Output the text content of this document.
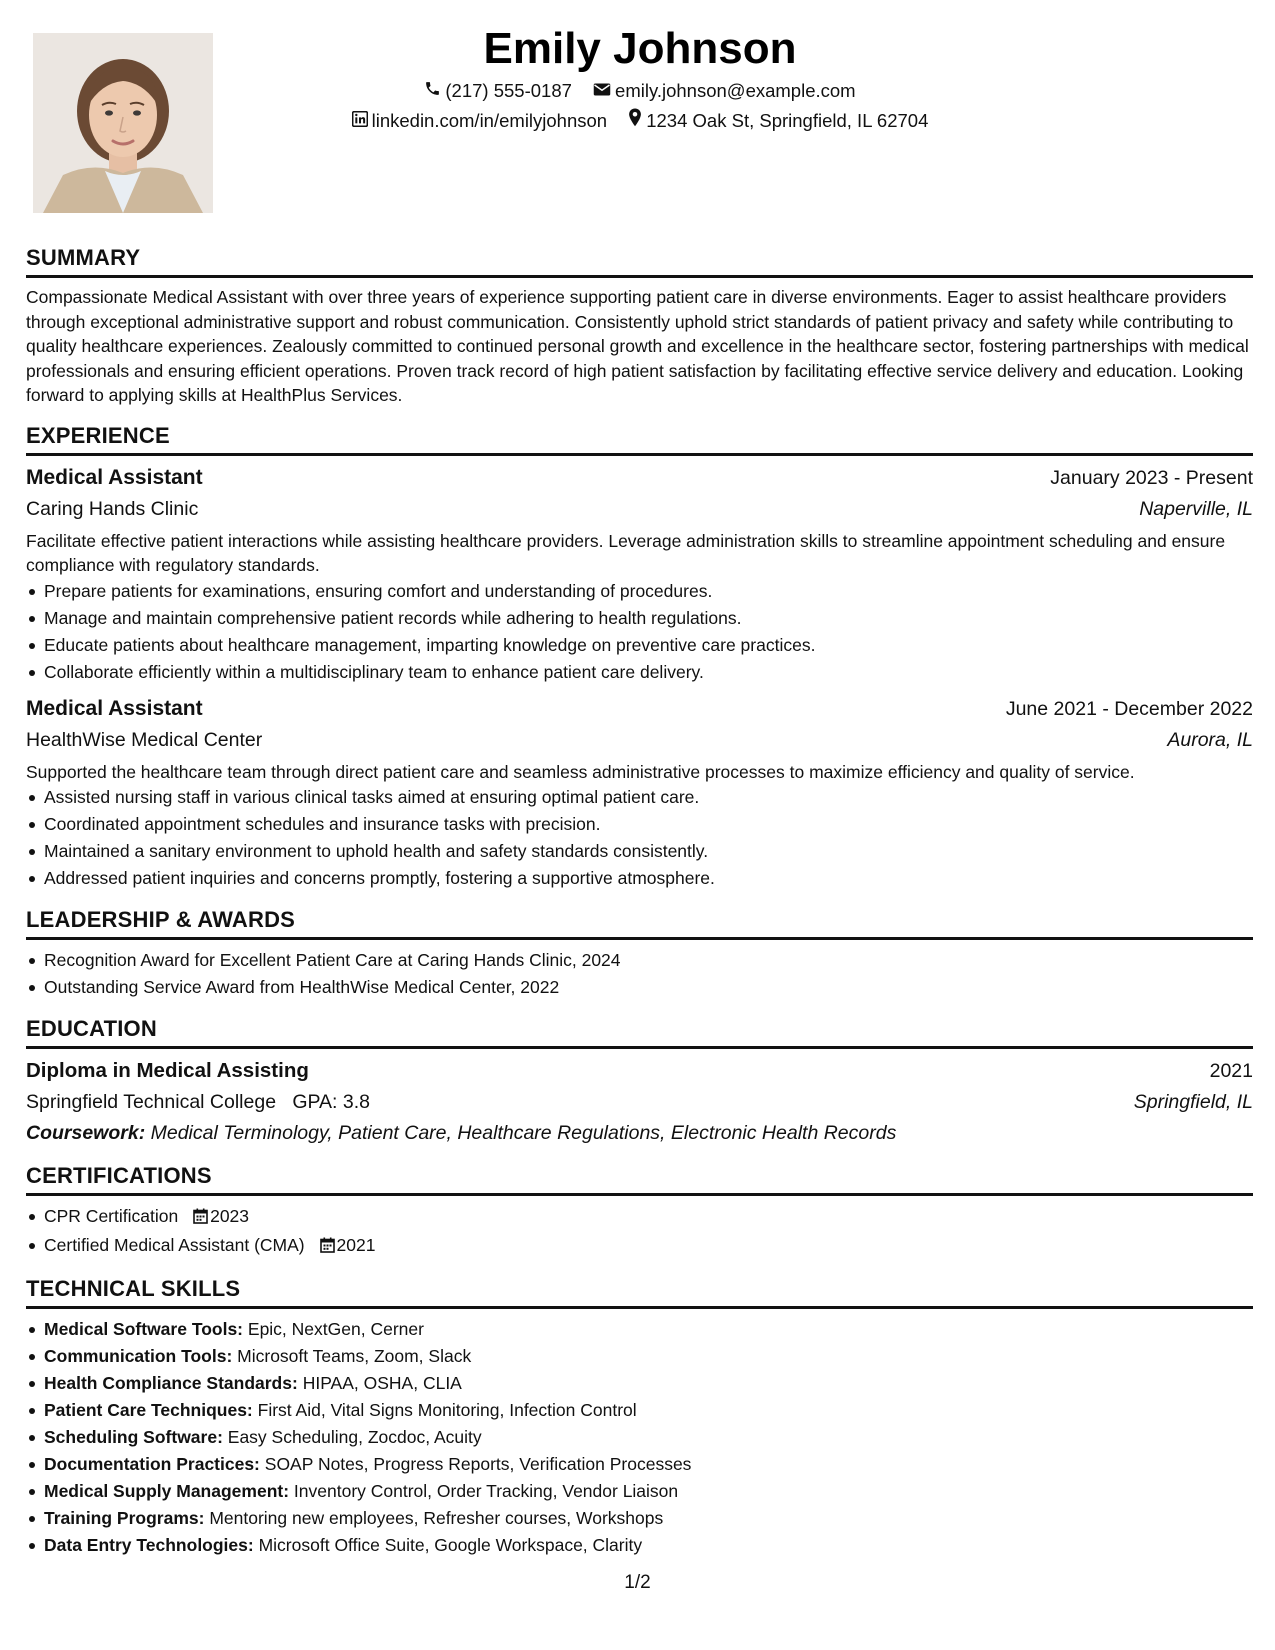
Emily Johnson
(217) 555-0187
emily.johnson@example.com
linkedin.com/in/emilyjohnson
1234 Oak St, Springfield, IL 62704
SUMMARY
Compassionate Medical Assistant with over three years of experience supporting patient care in diverse environments. Eager to assist healthcare providers through exceptional administrative support and robust communication. Consistently uphold strict standards of patient privacy and safety while contributing to quality healthcare experiences. Zealously committed to continued personal growth and excellence in the healthcare sector, fostering partnerships with medical professionals and ensuring efficient operations. Proven track record of high patient satisfaction by facilitating effective service delivery and education. Looking forward to applying skills at HealthPlus Services.
EXPERIENCE
Medical Assistant	January 2023 - Present
Caring Hands Clinic	Naperville, IL
Facilitate effective patient interactions while assisting healthcare providers. Leverage administration skills to streamline appointment scheduling and ensure compliance with regulatory standards.
Prepare patients for examinations, ensuring comfort and understanding of procedures.
Manage and maintain comprehensive patient records while adhering to health regulations.
Educate patients about healthcare management, imparting knowledge on preventive care practices.
Collaborate efficiently within a multidisciplinary team to enhance patient care delivery.
Medical Assistant	June 2021 - December 2022
HealthWise Medical Center	Aurora, IL
Supported the healthcare team through direct patient care and seamless administrative processes to maximize efficiency and quality of service.
Assisted nursing staff in various clinical tasks aimed at ensuring optimal patient care.
Coordinated appointment schedules and insurance tasks with precision.
Maintained a sanitary environment to uphold health and safety standards consistently.
Addressed patient inquiries and concerns promptly, fostering a supportive atmosphere.
LEADERSHIP & AWARDS
Recognition Award for Excellent Patient Care at Caring Hands Clinic, 2024
Outstanding Service Award from HealthWise Medical Center, 2022
EDUCATION
Diploma in Medical Assisting	2021
Springfield Technical College GPA: 3.8	Springfield, IL
Coursework: Medical Terminology, Patient Care, Healthcare Regulations, Electronic Health Records
CERTIFICATIONS
CPR Certification 2023
Certified Medical Assistant (CMA) 2021
TECHNICAL SKILLS
Medical Software Tools: Epic, NextGen, Cerner
Communication Tools: Microsoft Teams, Zoom, Slack
Health Compliance Standards: HIPAA, OSHA, CLIA
Patient Care Techniques: First Aid, Vital Signs Monitoring, Infection Control
Scheduling Software: Easy Scheduling, Zocdoc, Acuity
Documentation Practices: SOAP Notes, Progress Reports, Verification Processes
Medical Supply Management: Inventory Control, Order Tracking, Vendor Liaison
Training Programs: Mentoring new employees, Refresher courses, Workshops
Data Entry Technologies: Microsoft Office Suite, Google Workspace, Clarity
1/2
